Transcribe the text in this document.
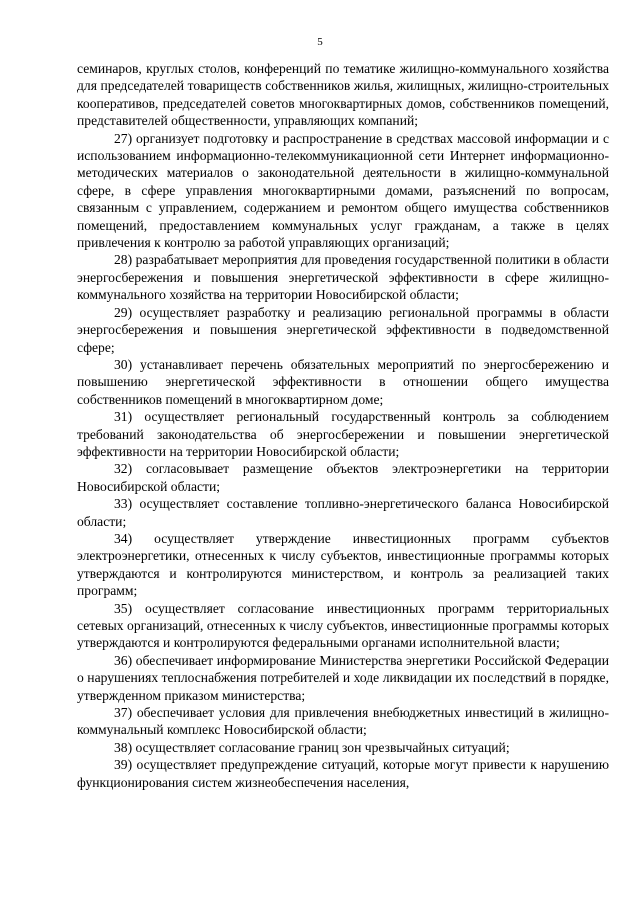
5

семинаров, круглых столов, конференций по тематике жилищно-коммунального хозяйства для председателей товариществ собственников жилья, жилищных, жилищно-строительных кооперативов, председателей советов многоквартирных домов, собственников помещений, представителей общественности, управляющих компаний;

27) организует подготовку и распространение в средствах массовой информации и с использованием информационно-телекоммуникационной сети Интернет информационно-методических материалов о законодательной деятельности в жилищно-коммунальной сфере, в сфере управления многоквартирными домами, разъяснений по вопросам, связанным с управлением, содержанием и ремонтом общего имущества собственников помещений, предоставлением коммунальных услуг гражданам, а также в целях привлечения к контролю за работой управляющих организаций;

28) разрабатывает мероприятия для проведения государственной политики в области энергосбережения и повышения энергетической эффективности в сфере жилищно-коммунального хозяйства на территории Новосибирской области;

29) осуществляет разработку и реализацию региональной программы в области энергосбережения и повышения энергетической эффективности в подведомственной сфере;

30) устанавливает перечень обязательных мероприятий по энергосбережению и повышению энергетической эффективности в отношении общего имущества собственников помещений в многоквартирном доме;

31) осуществляет региональный государственный контроль за соблюдением требований законодательства об энергосбережении и повышении энергетической эффективности на территории Новосибирской области;

32) согласовывает размещение объектов электроэнергетики на территории Новосибирской области;

33) осуществляет составление топливно-энергетического баланса Новосибирской области;

34) осуществляет утверждение инвестиционных программ субъектов электроэнергетики, отнесенных к числу субъектов, инвестиционные программы которых утверждаются и контролируются министерством, и контроль за реализацией таких программ;

35) осуществляет согласование инвестиционных программ территориальных сетевых организаций, отнесенных к числу субъектов, инвестиционные программы которых утверждаются и контролируются федеральными органами исполнительной власти;

36) обеспечивает информирование Министерства энергетики Российской Федерации о нарушениях теплоснабжения потребителей и ходе ликвидации их последствий в порядке, утвержденном приказом министерства;

37) обеспечивает условия для привлечения внебюджетных инвестиций в жилищно-коммунальный комплекс Новосибирской области;

38) осуществляет согласование границ зон чрезвычайных ситуаций;

39) осуществляет предупреждение ситуаций, которые могут привести к нарушению функционирования систем жизнеобеспечения населения,
